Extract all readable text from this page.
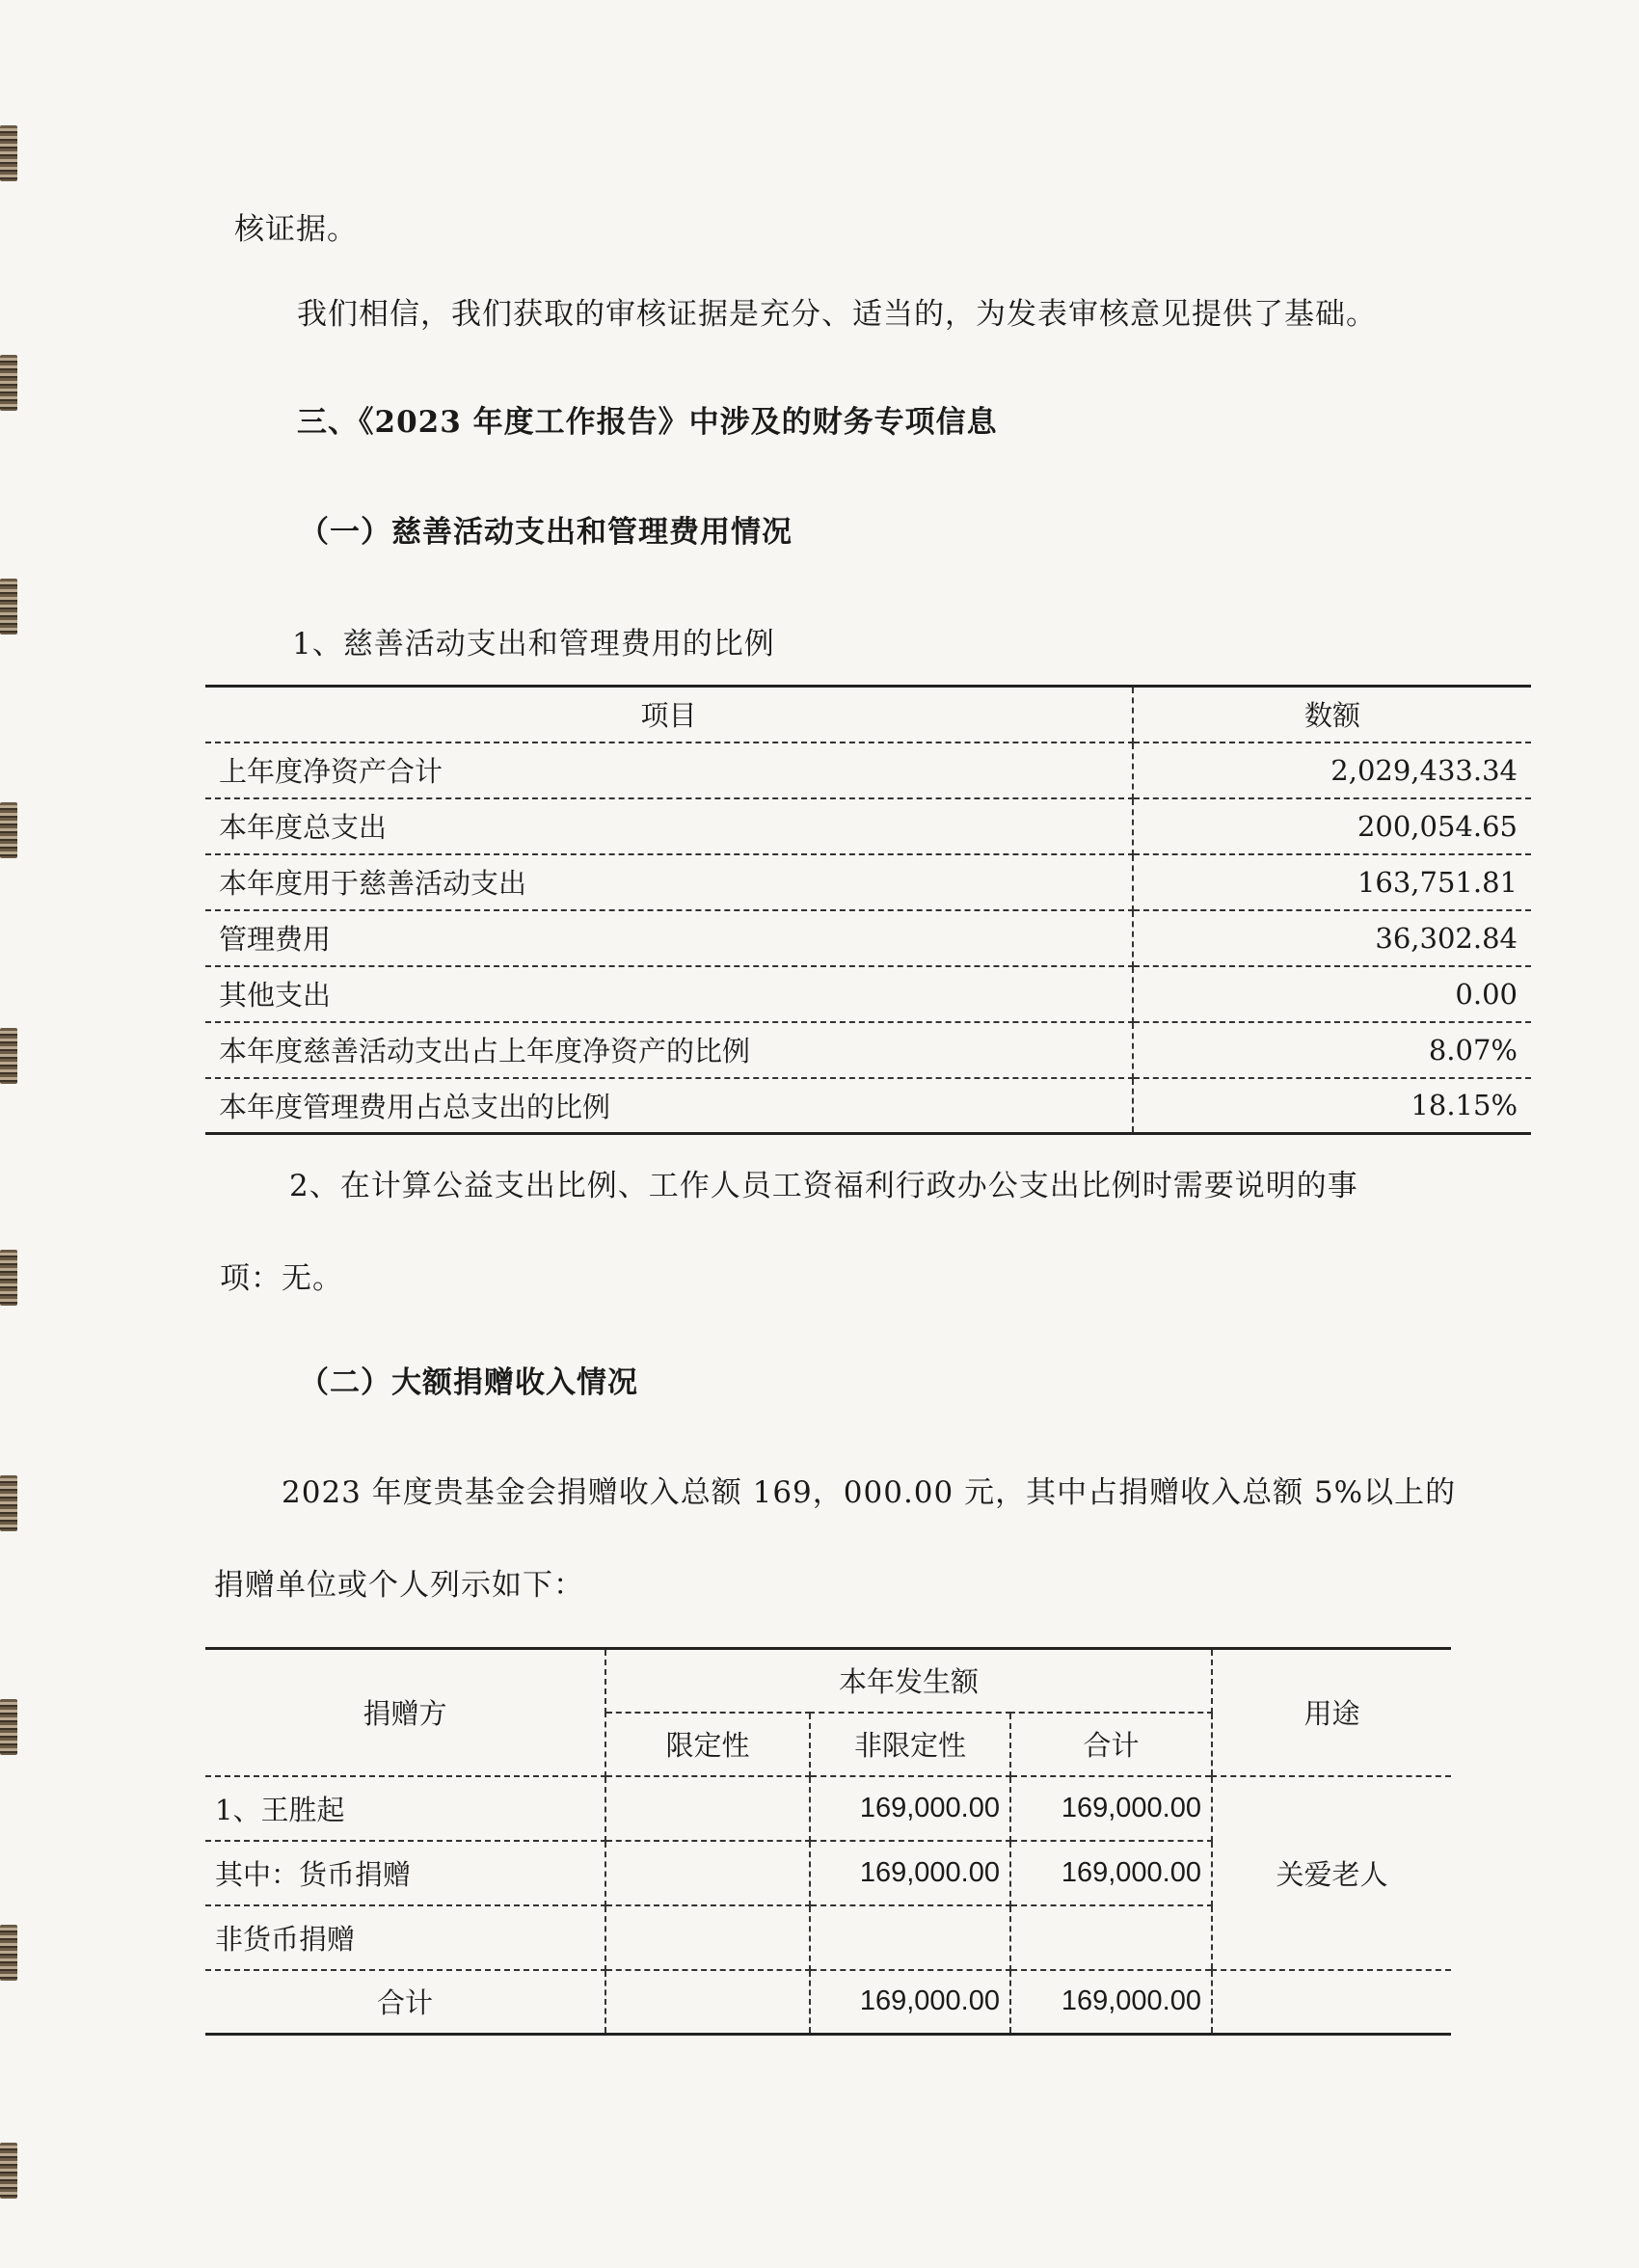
核证据。
我们相信，我们获取的审核证据是充分、适当的，为发表审核意见提供了基础。
三、《2023 年度工作报告》中涉及的财务专项信息
（一）慈善活动支出和管理费用情况
1、慈善活动支出和管理费用的比例
项目	数额
上年度净资产合计	2,029,433.34
本年度总支出	200,054.65
本年度用于慈善活动支出	163,751.81
管理费用	36,302.84
其他支出	0.00
本年度慈善活动支出占上年度净资产的比例	8.07%
本年度管理费用占总支出的比例	18.15%
2、在计算公益支出比例、工作人员工资福利行政办公支出比例时需要说明的事
项：无。
（二）大额捐赠收入情况
2023 年度贵基金会捐赠收入总额 169，000.00 元，其中占捐赠收入总额 5%以上的
捐赠单位或个人列示如下：
捐赠方	本年发生额			用途
	限定性	非限定性	合计	
1、王胜起		169,000.00	169,000.00	关爱老人
其中：货币捐赠		169,000.00	169,000.00	
非货币捐赠				
合计		169,000.00	169,000.00	
